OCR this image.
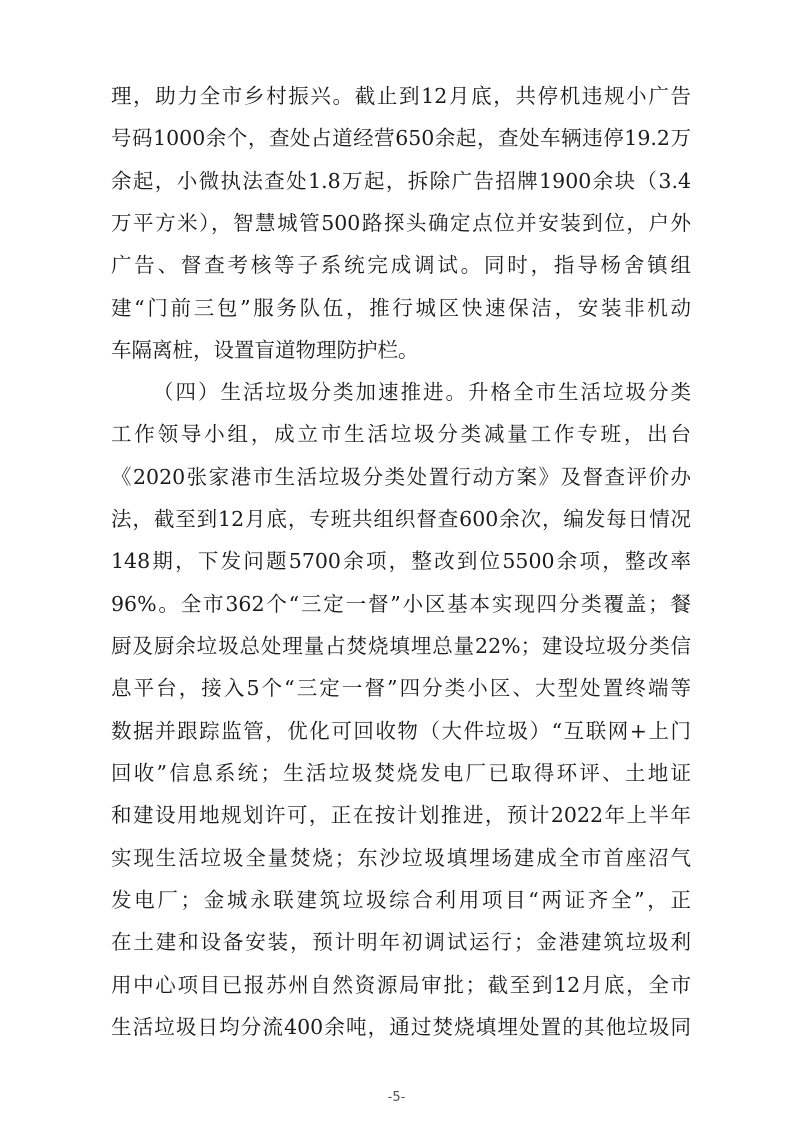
理，助力全市乡村振兴。截止到12月底，共停机违规小广告
号码1000余个，查处占道经营650余起，查处车辆违停19.2万
余起，小微执法查处1.8万起，拆除广告招牌1900余块（3.4
万平方米），智慧城管500路探头确定点位并安装到位，户外
广告、督查考核等子系统完成调试。同时，指导杨舍镇组
建“门前三包”服务队伍，推行城区快速保洁，安装非机动
车隔离桩，设置盲道物理防护栏。
（四）生活垃圾分类加速推进。升格全市生活垃圾分类
工作领导小组，成立市生活垃圾分类减量工作专班，出台
《2020张家港市生活垃圾分类处置行动方案》及督查评价办
法，截至到12月底，专班共组织督查600余次，编发每日情况
148期，下发问题5700余项，整改到位5500余项，整改率
96%。全市362个“三定一督”小区基本实现四分类覆盖；餐
厨及厨余垃圾总处理量占焚烧填埋总量22%；建设垃圾分类信
息平台，接入5个“三定一督”四分类小区、大型处置终端等
数据并跟踪监管，优化可回收物（大件垃圾）“互联网+上门
回收”信息系统；生活垃圾焚烧发电厂已取得环评、土地证
和建设用地规划许可，正在按计划推进，预计2022年上半年
实现生活垃圾全量焚烧；东沙垃圾填埋场建成全市首座沼气
发电厂；金城永联建筑垃圾综合利用项目“两证齐全”，正
在土建和设备安装，预计明年初调试运行；金港建筑垃圾利
用中心项目已报苏州自然资源局审批；截至到12月底，全市
生活垃圾日均分流400余吨，通过焚烧填埋处置的其他垃圾同
-5-
